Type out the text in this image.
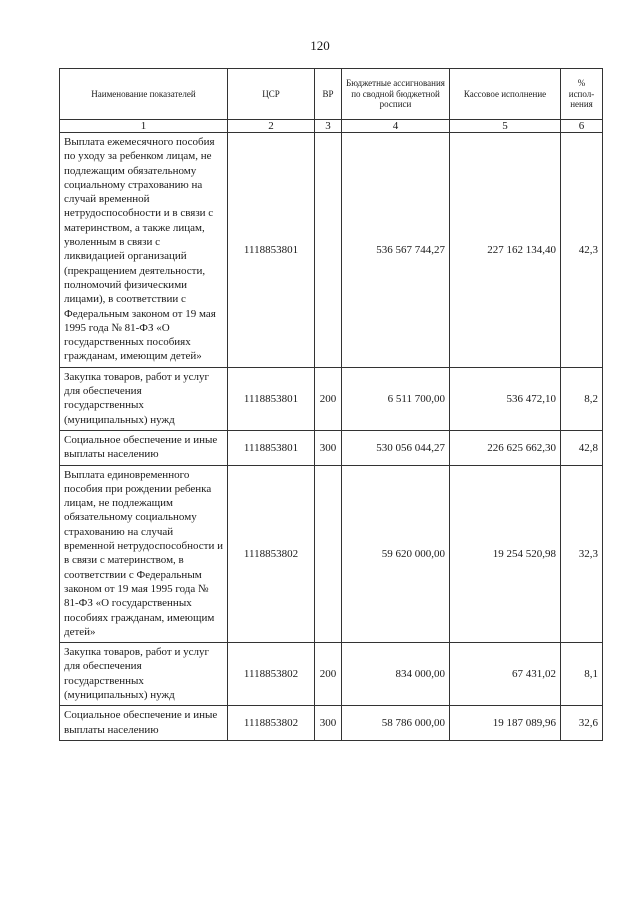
120
Наименование показателей	ЦСР	ВР	Бюджетные ассигнования по сводной бюджетной росписи	Кассовое исполнение	% испол-нения
1	2	3	4	5	6
Выплата ежемесячного пособия по уходу за ребенком лицам, не подлежащим обязательному социальному страхованию на случай временной нетрудоспособности и в связи с материнством, а также лицам, уволенным в связи с ликвидацией организаций (прекращением деятельности, полномочий физическими лицами), в соответствии с Федеральным законом от 19 мая 1995 года № 81-ФЗ «О государственных пособиях гражданам, имеющим детей»	1118853801		536 567 744,27	227 162 134,40	42,3
Закупка товаров, работ и услуг для обеспечения государственных (муниципальных) нужд	1118853801	200	6 511 700,00	536 472,10	8,2
Социальное обеспечение и иные выплаты населению	1118853801	300	530 056 044,27	226 625 662,30	42,8
Выплата единовременного пособия при рождении ребенка лицам, не подлежащим обязательному социальному страхованию на случай временной нетрудоспособности и в связи с материнством, в соответствии с Федеральным законом от 19 мая 1995 года № 81-ФЗ «О государственных пособиях гражданам, имеющим детей»	1118853802		59 620 000,00	19 254 520,98	32,3
Закупка товаров, работ и услуг для обеспечения государственных (муниципальных) нужд	1118853802	200	834 000,00	67 431,02	8,1
Социальное обеспечение и иные выплаты населению	1118853802	300	58 786 000,00	19 187 089,96	32,6
